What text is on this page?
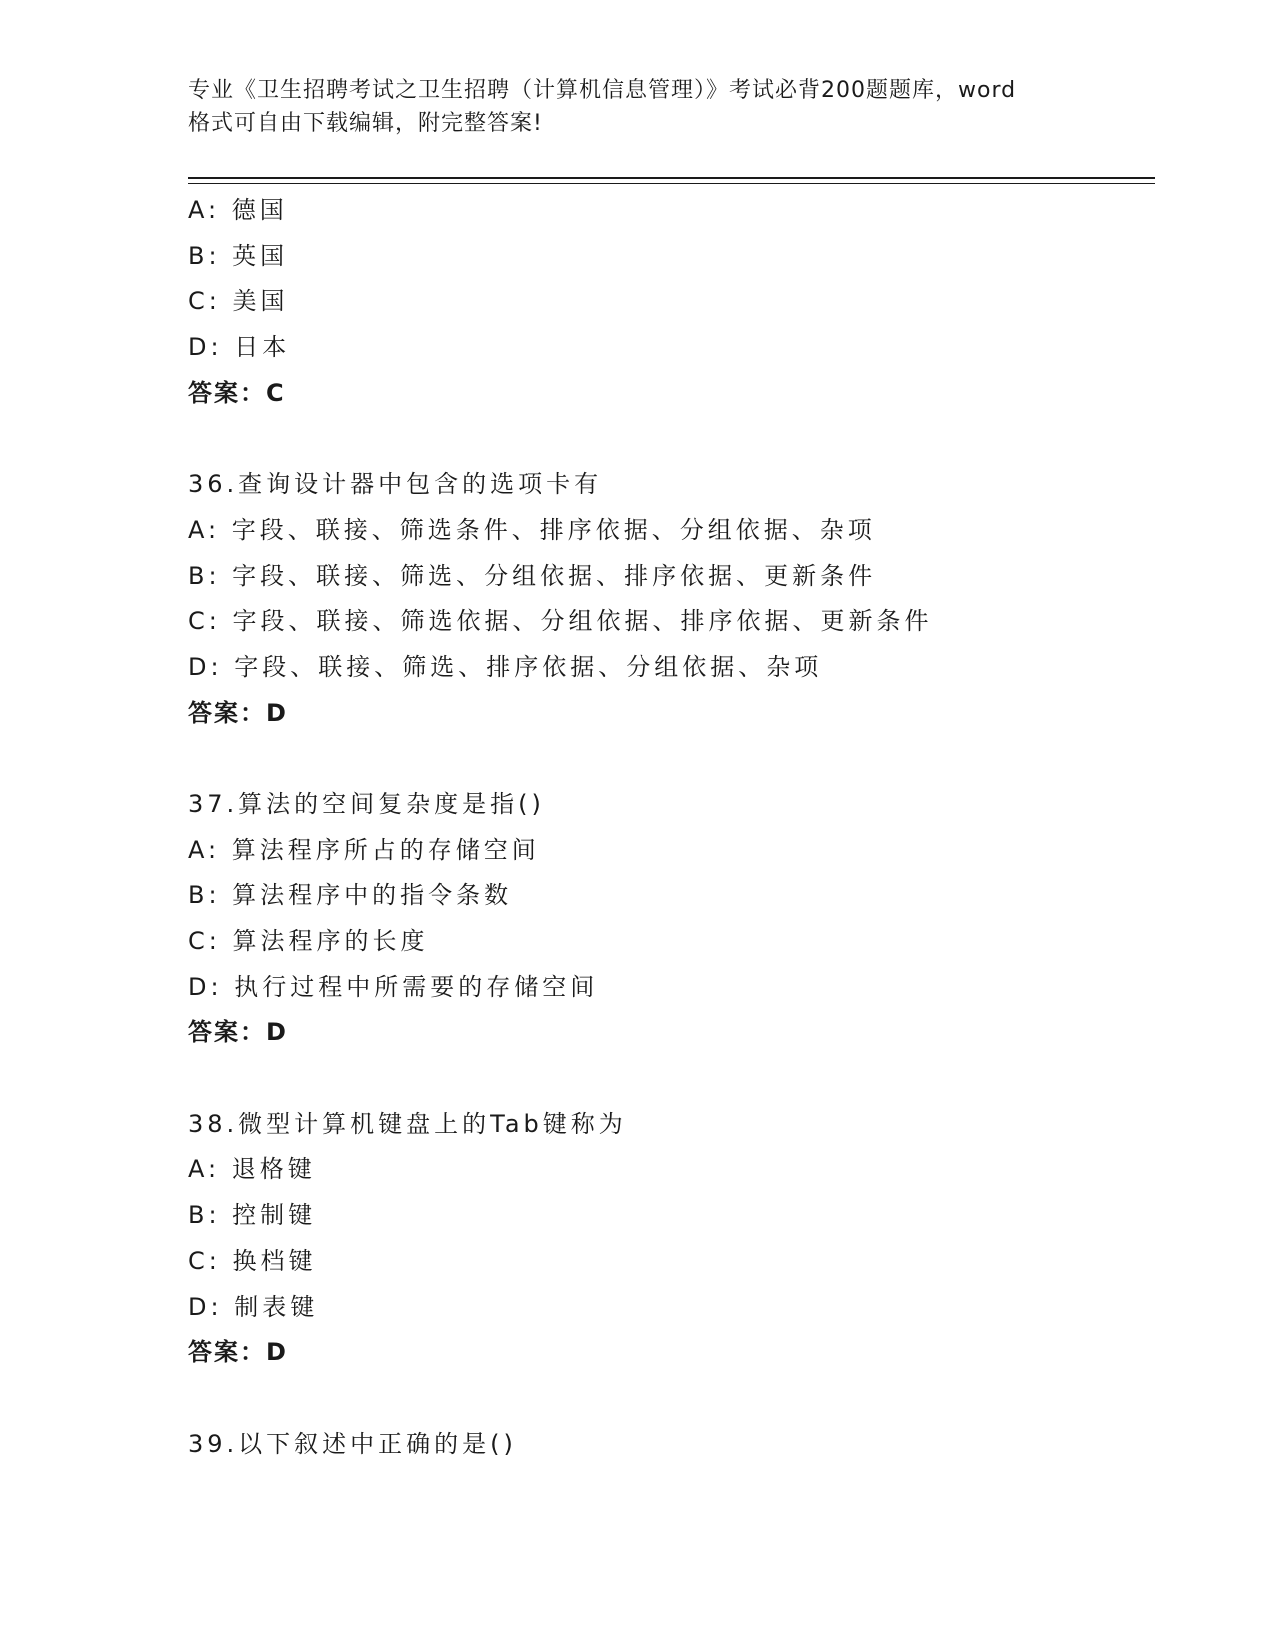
专业《卫生招聘考试之卫生招聘（计算机信息管理）》考试必背200题题库，word
格式可自由下载编辑，附完整答案!
A: 德国
B: 英国
C: 美国
D: 日本
答案：C
36.查询设计器中包含的选项卡有
A: 字段、联接、筛选条件、排序依据、分组依据、杂项
B: 字段、联接、筛选、分组依据、排序依据、更新条件
C: 字段、联接、筛选依据、分组依据、排序依据、更新条件
D: 字段、联接、筛选、排序依据、分组依据、杂项
答案：D
37.算法的空间复杂度是指()
A: 算法程序所占的存储空间
B: 算法程序中的指令条数
C: 算法程序的长度
D: 执行过程中所需要的存储空间
答案：D
38.微型计算机键盘上的Tab键称为
A: 退格键
B: 控制键
C: 换档键
D: 制表键
答案：D
39.以下叙述中正确的是()
